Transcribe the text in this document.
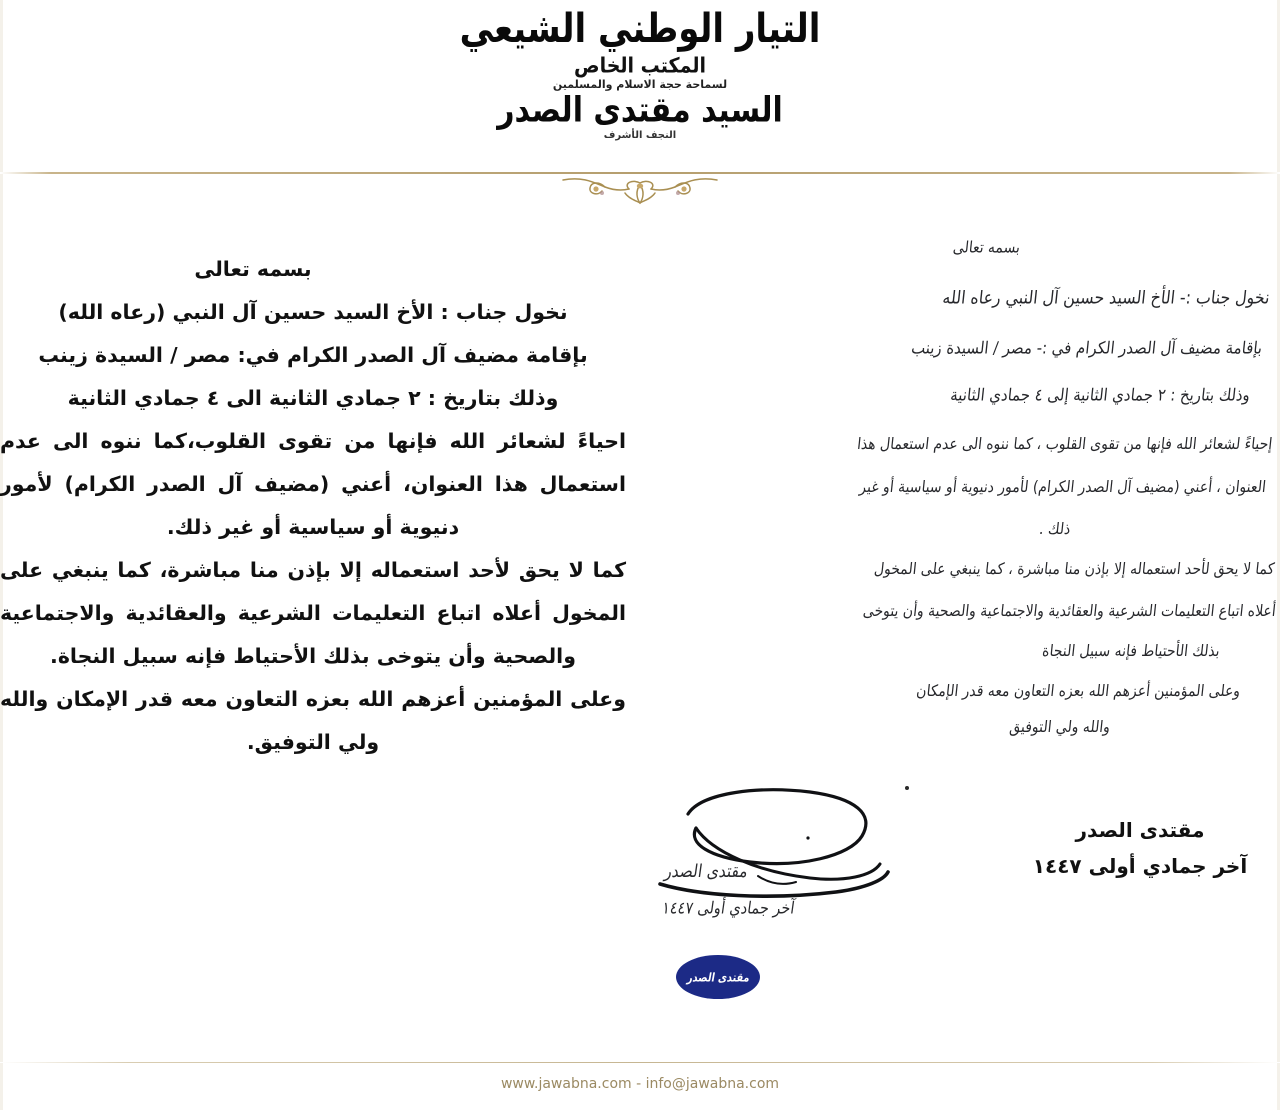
التيار الوطني الشيعي
المكتب الخاص
لسماحة حجة الاسلام والمسلمين
السيد مقتدى الصدر
النجف الأشرف
بسمه تعالى
نخول جناب : الأخ السيد حسين آل النبي (رعاه الله)
بإقامة مضيف آل الصدر الكرام في: مصر / السيدة زينب
وذلك بتاريخ : ٢ جمادي الثانية الى ٤ جمادي الثانية
احياءً لشعائر الله فإنها من تقوى القلوب،كما ننوه الى عدم استعمال هذا العنوان، أعني (مضيف آل الصدر الكرام) لأمور دنيوية أو سياسية أو غير ذلك.
كما لا يحق لأحد استعماله إلا بإذن منا مباشرة، كما ينبغي على المخول أعلاه اتباع التعليمات الشرعية والعقائدية والاجتماعية والصحية وأن يتوخى بذلك الأحتياط فإنه سبيل النجاة.
وعلى المؤمنين أعزهم الله بعزه التعاون معه قدر الإمكان والله ولي التوفيق.
مقتدى الصدر
آخر جمادي أولى ١٤٤٧
بسمه تعالى
نخول جناب :- الأخ السيد حسين آل النبي رعاه الله
بإقامة مضيف آل الصدر الكرام في :- مصر / السيدة زينب
وذلك بتاريخ : ٢ جمادي الثانية إلى ٤ جمادي الثانية
إحياءً لشعائر الله فإنها من تقوى القلوب ، كما ننوه الى عدم استعمال هذا
العنوان ، أعني (مضيف آل الصدر الكرام) لأمور دنيوية أو سياسية أو غير
ذلك .
كما لا يحق لأحد استعماله إلا بإذن منا مباشرة ، كما ينبغي على المخول
أعلاه اتباع التعليمات الشرعية والعقائدية والاجتماعية والصحية وأن يتوخى
بذلك الأحتياط فإنه سبيل النجاة
وعلى المؤمنين أعزهم الله بعزه التعاون معه قدر الإمكان
والله ولي التوفيق
مقتدى الصدر
آخر جمادي أولى ١٤٤٧
مقتدى الصدر
www.jawabna.com - info@jawabna.com
